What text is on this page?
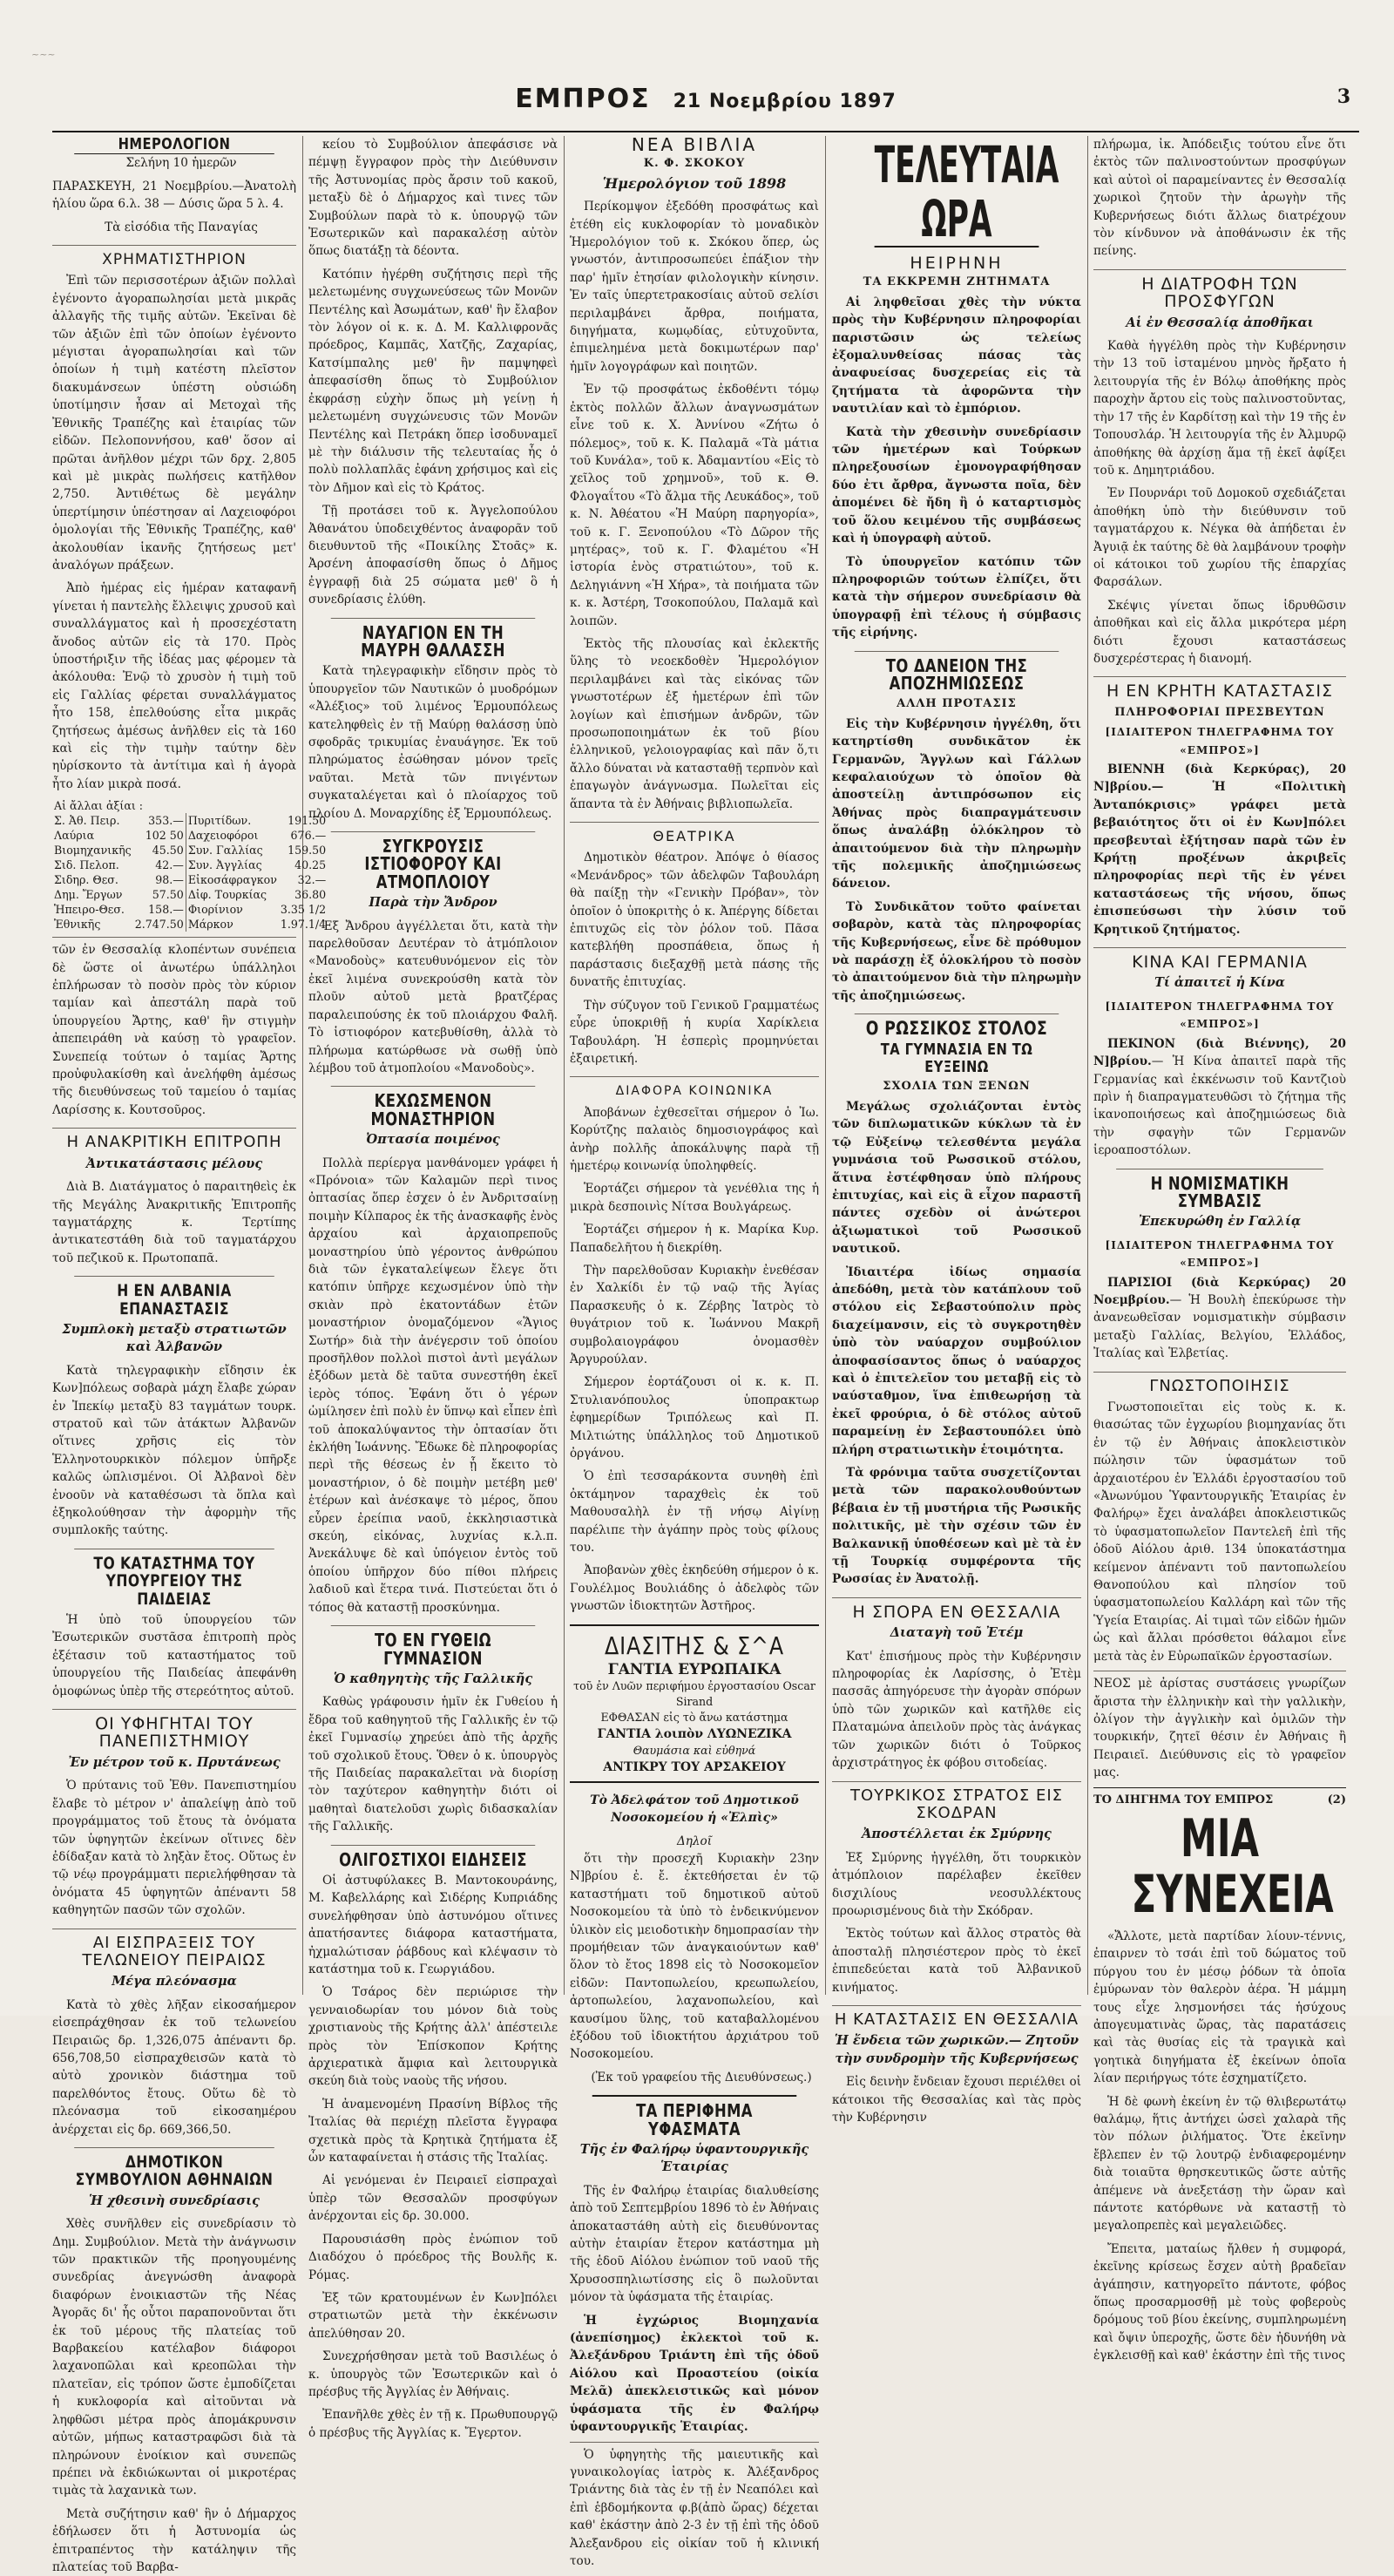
~~~
ΕΜΠΡΟΣ 21 Νοεμβρίου 1897	3
ΗΜΕΡΟΛΟΓΙΟΝ

Σελήνη 10 ἡμερῶν

ΠΑΡΑΣΚΕΥΗ, 21 Νοεμβρίου.—Ἀνατολὴ ἡλίου ὥρα 6.λ. 38 — Δύσις ὥρα 5 λ. 4.

Τὰ εἰσόδια τῆς Παναγίας

ΧΡΗΜΑΤΙΣΤΗΡΙΟΝ

Ἐπὶ τῶν περισσοτέρων ἀξιῶν πολλαὶ ἐγένοντο ἀγοραπωλησίαι μετὰ μικρᾶς ἀλλαγῆς τῆς τιμῆς αὐτῶν. Ἐκεῖναι δὲ τῶν ἀξιῶν ἐπὶ τῶν ὁποίων ἐγένοντο μέγισται ἀγοραπωλησίαι καὶ τῶν ὁποίων ἡ τιμὴ κατέστη πλεῖστον διακυμάνσεων ὑπέστη οὐσιώδη ὑποτίμησιν ἦσαν αἱ Μετοχαὶ τῆς Ἐθνικῆς Τραπέζης καὶ ἑταιρίας τῶν εἰδῶν. Πελοποννήσου, καθ' ὅσον αἱ πρῶται ἀνῆλθον μέχρι τῶν δρχ. 2,805 καὶ μὲ μικρὰς πωλήσεις κατῆλθον 2,750. Ἀντιθέτως δὲ μεγάλην ὑπερτίμησιν ὑπέστησαν αἱ Λαχειοφόροι ὁμολογίαι τῆς Ἐθνικῆς Τραπέζης, καθ' ἀκολουθίαν ἱκανῆς ζητήσεως μετ' ἀναλόγων πράξεων.

Ἀπὸ ἡμέρας εἰς ἡμέραν καταφανῆ γίνεται ἡ παντελὴς ἔλλειψις χρυσοῦ καὶ συναλλάγματος καὶ ἡ προσεχέστατη ἄνοδος αὐτῶν εἰς τὰ 170. Πρὸς ὑποστήριξιν τῆς ἰδέας μας φέρομεν τὰ ἀκόλουθα: Ἐνῷ τὸ χρυσὸν ἡ τιμὴ τοῦ εἰς Γαλλίας φέρεται συναλλάγματος ἦτο 158, ἐπελθούσης εἶτα μικρᾶς ζητήσεως ἀμέσως ἀνῆλθεν εἰς τὰ 160 καὶ εἰς τὴν τιμὴν ταύτην δὲν ηὑρίσκοντο τὰ ἀντίτιμα καὶ ἡ ἀγορὰ ἦτο λίαν μικρὰ ποσά.

Αἱ ἄλλαι ἀξίαι :			
Σ. Ἀθ. Πειρ.	353.—	Πυριτίδων.	191.50
Λαύρια	102 50	Δαχειοφόροι	676.—
Βιομηχανικῆς	45.50	Συν. Γαλλίας	159.50
Σιδ. Πελοπ.	42.—	Συν. Ἀγγλίας	40.25
Σιδηρ. Θεσ.	98.—	Εἰκοσάφραγκον	32.—
Δημ. Ἔργων	57.50	Δἰφ. Τουρκίας	36.80
Ἡπειρο-Θεσ.	158.—	Φιορίνιον	3.35 1/2
Ἐθνικῆς	2.747.50	Μάρκον	1.97.1/4

τῶν ἐν Θεσσαλίᾳ κλοπέντων συνέπεια δὲ ὥστε οἱ ἀνωτέρω ὑπάλληλοι ἐπλήρωσαν τὸ ποσὸν πρὸς τὸν κύριον ταμίαν καὶ ἀπεστάλη παρὰ τοῦ ὑπουργείου Ἄρτης, καθ' ἣν στιγμὴν ἀπεπειράθη νὰ καύσῃ τὸ γραφεῖον. Συνεπείᾳ τούτων ὁ ταμίας Ἄρτης προὐφυλακίσθη καὶ ἀνελήφθη ἀμέσως τῆς διευθύνσεως τοῦ ταμείου ὁ ταμίας Λαρίσσης κ. Κουτσοῦρος.

Η ΑΝΑΚΡΙΤΙΚΗ ΕΠΙΤΡΟΠΗ
Ἀντικατάστασις μέλους

Διὰ Β. Διατάγματος ὁ παραιτηθεὶς ἐκ τῆς Μεγάλης Ἀνακριτικῆς Ἐπιτροπῆς ταγματάρχης κ. Τερτίπης ἀντικατεστάθη διὰ τοῦ ταγματάρχου τοῦ πεζικοῦ κ. Πρωτοπαπᾶ.

Η ΕΝ ΑΛΒΑΝΙΑ ΕΠΑΝΑΣΤΑΣΙΣ
Συμπλοκὴ μεταξὺ στρατιωτῶν καὶ Ἀλβανῶν

Κατὰ τηλεγραφικὴν εἴδησιν ἐκ Κων]πόλεως σοβαρὰ μάχη ἔλαβε χώραν ἐν Ἰπεκίῳ μεταξὺ 83 ταγμάτων τουρκ. στρατοῦ καὶ τῶν ἀτάκτων Ἀλβανῶν οἵτινες χρῆσις εἰς τὸν Ἑλληνοτουρκικὸν πόλεμον ὑπῆρξε καλῶς ὡπλισμένοι. Οἱ Ἀλβανοὶ δὲν ἐνοοῦν νὰ καταθέσωσι τὰ ὅπλα καὶ ἐξηκολούθησαν τὴν ἀφορμὴν τῆς συμπλοκῆς ταύτης.

ΤΟ ΚΑΤΑΣΤΗΜΑ ΤΟΥ ΥΠΟΥΡΓΕΙΟΥ ΤΗΣ ΠΑΙΔΕΙΑΣ

Ἡ ὑπὸ τοῦ ὑπουργείου τῶν Ἐσωτερικῶν συστᾶσα ἐπιτροπὴ πρὸς ἐξέτασιν τοῦ καταστήματος τοῦ ὑπουργείου τῆς Παιδείας ἀπεφάνθη ὁμοφώνως ὑπὲρ τῆς στερεότητος αὐτοῦ.

ΟΙ ΥΦΗΓΗΤΑΙ ΤΟΥ ΠΑΝΕΠΙΣΤΗΜΙΟΥ
Ἐν μέτρον τοῦ κ. Πρυτάνεως

Ὁ πρύτανις τοῦ Ἐθν. Πανεπιστημίου ἔλαβε τὸ μέτρον ν' ἀπαλείψῃ ἀπὸ τοῦ προγράμματος τοῦ ἔτους τὰ ὀνόματα τῶν ὑφηγητῶν ἐκείνων οἵτινες δὲν ἐδίδαξαν κατὰ τὸ ληξὰν ἔτος. Οὕτως ἐν τῷ νέῳ προγράμματι περιελήφθησαν τὰ ὀνόματα 45 ὑφηγητῶν ἀπέναντι 58 καθηγητῶν πασῶν τῶν σχολῶν.

ΑΙ ΕΙΣΠΡΑΞΕΙΣ ΤΟΥ ΤΕΛΩΝΕΙΟΥ ΠΕΙΡΑΙΩΣ
Μέγα πλεόνασμα

Κατὰ τὸ χθὲς λῆξαν εἰκοσαήμερον εἰσεπράχθησαν ἐκ τοῦ τελωνείου Πειραιῶς δρ. 1,326,075 ἀπέναντι δρ. 656,708,50 εἰσπραχθεισῶν κατὰ τὸ αὐτὸ χρονικὸν διάστημα τοῦ παρελθόντος ἔτους. Οὕτω δὲ τὸ πλεόνασμα τοῦ εἰκοσαημέρου ἀνέρχεται εἰς δρ. 669,366,50.

ΔΗΜΟΤΙΚΟΝ ΣΥΜΒΟΥΛΙΟΝ ΑΘΗΝΑΙΩΝ
Ἡ χθεσινὴ συνεδρίασις

Χθὲς συνῆλθεν εἰς συνεδρίασιν τὸ Δημ. Συμβούλιον. Μετὰ τὴν ἀνάγνωσιν τῶν πρακτικῶν τῆς προηγουμένης συνεδρίας ἀνεγνώσθη ἀναφορὰ διαφόρων ἐνοικιαστῶν τῆς Νέας Ἀγορᾶς δι' ἧς οὗτοι παραπονοῦνται ὅτι ἐκ τοῦ μέρους τῆς πλατείας τοῦ Βαρβακείου κατέλαβον διάφοροι λαχανοπῶλαι καὶ κρεοπῶλαι τὴν πλατεῖαν, εἰς τρόπον ὥστε ἐμποδίζεται ἡ κυκλοφορία καὶ αἰτοῦνται νὰ ληφθῶσι μέτρα πρὸς ἀπομάκρυνσιν αὐτῶν, μήπως καταστραφῶσι διὰ τὰ πληρώνουν ἐνοίκιον καὶ συνεπῶς πρέπει νὰ ἐκδιώκωνται οἱ μικροτέρας τιμὰς τὰ λαχανικὰ των.

Μετὰ συζήτησιν καθ' ἣν ὁ Δήμαρχος ἐδήλωσεν ὅτι ἡ Ἀστυνομία ὡς ἐπιτραπέντος τὴν κατάληψιν τῆς πλατείας τοῦ Βαρβα-

κείου τὸ Συμβούλιον ἀπεφάσισε νὰ πέμψῃ ἔγγραφον πρὸς τὴν Διεύθυνσιν τῆς Ἀστυνομίας πρὸς ἄρσιν τοῦ κακοῦ, μεταξὺ δὲ ὁ Δήμαρχος καὶ τινες τῶν Συμβούλων παρὰ τὸ κ. ὑπουργῷ τῶν Ἐσωτερικῶν καὶ παρακαλέσῃ αὐτὸν ὅπως διατάξῃ τὰ δέοντα.

Κατόπιν ἠγέρθη συζήτησις περὶ τῆς μελετωμένης συγχωνεύσεως τῶν Μονῶν Πεντέλης καὶ Ἀσωμάτων, καθ' ἣν ἔλαβον τὸν λόγον οἱ κ. κ. Δ. Μ. Καλλιφρονᾶς πρόεδρος, Καμπᾶς, Χατζῆς, Ζαχαρίας, Κατσίμπαλης μεθ' ἣν παμψηφεὶ ἀπεφασίσθη ὅπως τὸ Συμβούλιον ἐκφράσῃ εὐχὴν ὅπως μὴ γείνῃ ἡ μελετωμένη συγχώνευσις τῶν Μονῶν Πεντέλης καὶ Πετράκη ὅπερ ἰσοδυναμεῖ μὲ τὴν διάλυσιν τῆς τελευταίας ἧς ὁ πολὺ πολλαπλᾶς ἐφάνη χρήσιμος καὶ εἰς τὸν Δῆμον καὶ εἰς τὸ Κράτος.

Τῇ προτάσει τοῦ κ. Ἀγγελοπούλου Ἀθανάτου ὑποδειχθέντος ἀναφορᾶν τοῦ διευθυντοῦ τῆς «Ποικίλης Στοᾶς» κ. Ἀρσένη ἀποφασίσθη ὅπως ὁ Δῆμος ἐγγραφῇ διὰ 25 σώματα μεθ' ὃ ἡ συνεδρίασις ἐλύθη.

ΝΑΥΑΓΙΟΝ ΕΝ ΤΗ ΜΑΥΡΗ ΘΑΛΑΣΣΗ

Κατὰ τηλεγραφικὴν εἴδησιν πρὸς τὸ ὑπουργεῖον τῶν Ναυτικῶν ὁ μυοδρόμων «Ἀλέξιος» τοῦ λιμένος Ἑρμουπόλεως κατεληφθεὶς ἐν τῇ Μαύρῃ θαλάσσῃ ὑπὸ σφοδρᾶς τρικυμίας ἐναυάγησε. Ἐκ τοῦ πληρώματος ἐσώθησαν μόνον τρεῖς ναῦται. Μετὰ τῶν πνιγέντων συγκαταλέγεται καὶ ὁ πλοίαρχος τοῦ πλοίου Δ. Μοναρχίδης ἐξ Ἑρμουπόλεως.

ΣΥΓΚΡΟΥΣΙΣ ΙΣΤΙΟΦΟΡΟΥ ΚΑΙ ΑΤΜΟΠΛΟΙΟΥ
Παρὰ τὴν Ἄνδρον

Ἐξ Ἄνδρου ἀγγέλλεται ὅτι, κατὰ τὴν παρελθοῦσαν Δευτέραν τὸ ἀτμόπλοιον «Μανοδοὺς» κατευθυνόμενον εἰς τὸν ἐκεῖ λιμένα συνεκρούσθη κατὰ τὸν πλοῦν αὐτοῦ μετὰ βρατζέρας παραλειπούσης ἐκ τοῦ πλοιάρχου Φαλῆ. Τὸ ἱστιοφόρον κατεβυθίσθη, ἀλλὰ τὸ πλήρωμα κατώρθωσε νὰ σωθῇ ὑπὸ λέμβου τοῦ ἀτμοπλοίου «Μανοδοὺς».

ΚΕΧΩΣΜΕΝΟΝ ΜΟΝΑΣΤΗΡΙΟΝ
Ὀπτασία ποιμένος

Πολλὰ περίεργα μανθάνομεν γράφει ἡ «Πρόνοια» τῶν Καλαμῶν περὶ τινος ὀπτασίας ὅπερ ἐσχεν ὁ ἐν Ἀνδριτσαίνῃ ποιμὴν Κίλπαρος ἐκ τῆς ἀνασκαφῆς ἐνὸς ἀρχαίου καὶ ἀρχαιοπρεποῦς μοναστηρίου ὑπὸ γέροντος ἀνθρώπου διὰ τῶν ἐγκαταλείψεων ἔλεγε ὅτι κατόπιν ὑπῆρχε κεχωσμένον ὑπὸ τὴν σκιὰν πρὸ ἑκατοντάδων ἐτῶν μοναστήριον ὀνομαζόμενον «Ἅγιος Σωτήρ» διὰ τὴν ἀνέγερσιν τοῦ ὁποίου προσῆλθον πολλοὶ πιστοὶ ἀντὶ μεγάλων ἐξόδων μετὰ δὲ ταῦτα συνεστήθη ἐκεῖ ἰερὸς τόπος. Ἐφάνη ὅτι ὁ γέρων ὡμίλησεν ἐπὶ πολὺ ἐν ὕπνῳ καὶ εἶπεν ἐπὶ τοῦ ἀποκαλύψαντος τὴν ὀπτασίαν ὅτι ἐκλήθη Ἰωάννης. Ἔδωκε δὲ πληροφορίας περὶ τῆς θέσεως ἐν ᾗ ἔκειτο τὸ μοναστήριον, ὁ δὲ ποιμὴν μετέβη μεθ' ἑτέρων καὶ ἀνέσκαψε τὸ μέρος, ὅπου εὗρεν ἐρείπια ναοῦ, ἐκκλησιαστικὰ σκεύη, εἰκόνας, λυχνίας κ.λ.π. Ἀνεκάλυψε δὲ καὶ ὑπόγειον ἐντὸς τοῦ ὁποίου ὑπῆρχον δύο πίθοι πλήρεις λαδιοῦ καὶ ἕτερα τινά. Πιστεύεται ὅτι ὁ τόπος θὰ καταστῇ προσκύνημα.

ΤΟ ΕΝ ΓΥΘΕΙΩ ΓΥΜΝΑΣΙΟΝ
Ὁ καθηγητὴς τῆς Γαλλικῆς

Καθὼς γράφουσιν ἡμῖν ἐκ Γυθείου ἡ ἔδρα τοῦ καθηγητοῦ τῆς Γαλλικῆς ἐν τῷ ἐκεῖ Γυμνασίῳ χηρεύει ἀπὸ τῆς ἀρχῆς τοῦ σχολικοῦ ἔτους. Ὅθεν ὁ κ. ὑπουργὸς τῆς Παιδείας παρακαλεῖται νὰ διορίσῃ τὸν ταχύτερον καθηγητὴν διότι οἱ μαθηταὶ διατελοῦσι χωρὶς διδασκαλίαν τῆς Γαλλικῆς.

ΟΛΙΓΟΣΤΙΧΟΙ ΕΙΔΗΣΕΙΣ

Οἱ ἀστυφύλακες Β. Μαντοκουράνης, Μ. Καβελλάρης καὶ Σιδέρης Κυπριάδης συνελήφθησαν ὑπὸ ἀστυνόμου οἵτινες ἀπατήσαντες διάφορα καταστήματα, ἠχμαλώτισαν ῥάβδους καὶ κλέψασιν τὸ κατάστημα τοῦ κ. Γεωργιάδου.

Ὁ Τσάρος δὲν περιώρισε τὴν γενναιοδωρίαν του μόνον διὰ τοὺς χριστιανοὺς τῆς Κρήτης ἀλλ' ἀπέστειλε πρὸς τὸν Ἐπίσκοπον Κρήτης ἀρχιερατικὰ ἄμφια καὶ λειτουργικὰ σκεύη διὰ τοὺς ναοὺς τῆς νήσου.

Ἡ ἀναμενομένη Πρασίνη Βίβλος τῆς Ἰταλίας θὰ περιέχῃ πλεῖστα ἔγγραφα σχετικὰ πρὸς τὰ Κρητικὰ ζητήματα ἐξ ὧν καταφαίνεται ἡ στάσις τῆς Ἰταλίας.

Αἱ γενόμεναι ἐν Πειραιεῖ εἰσπραχαὶ ὑπὲρ τῶν Θεσσαλῶν προσφύγων ἀνέρχονται εἰς δρ. 30.000.

Παρουσιάσθη πρὸς ἐνώπιον τοῦ Διαδόχου ὁ πρόεδρος τῆς Βουλῆς κ. Ρόμας.

Ἐξ τῶν κρατουμένων ἐν Κων]πόλει στρατιωτῶν μετὰ τὴν ἐκκένωσιν ἀπελύθησαν 20.

Συνεχρήσθησαν μετὰ τοῦ Βασιλέως ὁ κ. ὑπουργὸς τῶν Ἐσωτερικῶν καὶ ὁ πρέσβυς τῆς Ἀγγλίας ἐν Ἀθήναις.

Ἐπανῆλθε χθὲς ἐν τῇ κ. Πρωθυπουργῷ ὁ πρέσβυς τῆς Ἀγγλίας κ. Ἔγερτον.

ΝΕΑ ΒΙΒΛΙΑ
Κ. Φ. ΣΚΟΚΟΥ
Ἡμερολόγιον τοῦ 1898

Περίκομψον ἐξεδόθη προσφάτως καὶ ἐτέθη εἰς κυκλοφορίαν τὸ μοναδικὸν Ἡμερολόγιον τοῦ κ. Σκόκου ὅπερ, ὡς γνωστόν, ἀντιπροσωπεύει ἐπάξιον τὴν παρ' ἡμῖν ἐτησίαν φιλολογικὴν κίνησιν. Ἐν ταῖς ὑπερτετρακοσίαις αὐτοῦ σελίσι περιλαμβάνει ἄρθρα, ποιήματα, διηγήματα, κωμῳδίας, εὐτυχοῦντα, ἐπιμελημένα μετὰ δοκιμωτέρων παρ' ἡμῖν λογογράφων καὶ ποιητῶν.

Ἐν τῷ προσφάτως ἐκδοθέντι τόμῳ ἐκτὸς πολλῶν ἄλλων ἀναγνωσμάτων εἶνε τοῦ κ. Χ. Ἀννίνου «Ζήτω ὁ πόλεμος», τοῦ κ. Κ. Παλαμᾶ «Τὰ μάτια τοῦ Κυνάλα», τοῦ κ. Ἀδαμαντίου «Εἰς τὸ χεῖλος τοῦ χρημνοῦ», τοῦ κ. Θ. Φλογαΐτου «Τὸ ἄλμα τῆς Λευκάδος», τοῦ κ. Ν. Ἀθέατου «Ἡ Μαύρη παρηγορία», τοῦ κ. Γ. Ξενοπούλου «Τὸ Δῶρον τῆς μητέρας», τοῦ κ. Γ. Φλαμέτου «Ἡ ἱστορία ἑνὸς στρατιώτου», τοῦ κ. Δεληγιάννη «Ἡ Χήρα», τὰ ποιήματα τῶν κ. κ. Ἀστέρη, Τσοκοπούλου, Παλαμᾶ καὶ λοιπῶν.

Ἐκτὸς τῆς πλουσίας καὶ ἐκλεκτῆς ὕλης τὸ νεοεκδοθὲν Ἡμερολόγιον περιλαμβάνει καὶ τὰς εἰκόνας τῶν γνωστοτέρων ἐξ ἡμετέρων ἐπὶ τῶν λογίων καὶ ἐπισήμων ἀνδρῶν, τῶν προσωποποιημάτων ἐκ τοῦ βίου ἑλληνικοῦ, γελοιογραφίας καὶ πᾶν ὅ,τι ἄλλο δύναται νὰ κατασταθῇ τερπνὸν καὶ ἐπαγωγὸν ἀνάγνωσμα. Πωλεῖται εἰς ἅπαντα τὰ ἐν Ἀθήναις βιβλιοπωλεῖα.

ΘΕΑΤΡΙΚΑ

Δημοτικὸν θέατρον. Ἀπόψε ὁ θίασος «Μενάνδρος» τῶν ἀδελφῶν Ταβουλάρη θὰ παίξῃ τὴν «Γενικὴν Πρόβαν», τὸν ὁποῖον ὁ ὑποκριτὴς ὁ κ. Ἀπέργης δίδεται ἐπιτυχῶς εἰς τὸν ῥόλον τοῦ. Πᾶσα κατεβλήθη προσπάθεια, ὅπως ἡ παράστασις διεξαχθῇ μετὰ πάσης τῆς δυνατῆς ἐπιτυχίας.

Τὴν σύζυγον τοῦ Γενικοῦ Γραμματέως εὗρε ὑποκριθῇ ἡ κυρία Χαρίκλεια Ταβουλάρη. Ἡ ἑσπερὶς προμηνύεται ἐξαιρετική.

ΔΙΑΦΟΡΑ ΚΟΙΝΩΝΙΚΑ

Ἀποβάνων ἐχθεσεῖται σήμερον ὁ Ἰω. Κορύτζης παλαιὸς δημοσιογράφος καὶ ἀνὴρ πολλῆς ἀποκάλυψης παρὰ τῇ ἡμετέρῳ κοινωνίᾳ ὑποληφθείς.

Ἑορτάζει σήμερον τὰ γενέθλια της ἡ μικρὰ δεσποινὶς Νίτσα Βουλγάρεως.

Ἑορτάζει σήμερον ἡ κ. Μαρίκα Κυρ. Παπαδελῆτου ἡ διεκρίθη.

Τὴν παρελθοῦσαν Κυριακὴν ἐνεθέσαν ἐν Χαλκίδι ἐν τῷ ναῷ τῆς Ἁγίας Παρασκευῆς ὁ κ. Ζέρβης Ἰατρὸς τὸ θυγάτριον τοῦ κ. Ἰωάννου Μακρῆ συμβολαιογράφου ὀνομασθὲν Ἀργυρούλαν.

Σήμερον ἑορτάζουσι οἱ κ. κ. Π. Στυλιανόπουλος ὑποπρακτωρ ἐφημερίδων Τριπόλεως καὶ Π. Μιλτιώτης ὑπάλληλος τοῦ Δημοτικοῦ ὀργάνου.

Ὁ ἐπὶ τεσσαράκοντα συνηθὴ ἐπὶ ὀκτάμηνον ταραχθεὶς ἐκ τοῦ Μαθουσαλὴλ ἐν τῇ νήσῳ Αἰγίνῃ παρέλιπε τὴν ἀγάπην πρὸς τοὺς φίλους του.

Ἀποβανὼν χθὲς ἐκηδεύθη σήμερον ὁ κ. Γουλέλμος Βουλιάδης ὁ ἀδελφὸς τῶν γνωστῶν ἰδιοκτητῶν Ἀστῆρος.

ΔΙΑΣΙΤΗΣ & Σ^Α
ΓΑΝΤΙΑ ΕΥΡΩΠΑΙΚΑ
τοῦ ἐν Λυῶν περιφήμου ἐργοστασίου Oscar Sirand
ΕΦΘΑΣΑΝ εἰς τὸ ἄνω κατάστημα
ΓΑΝΤΙΑ λοιπὸν ΛΥΩΝΕΖΙΚΑ
Θαυμάσια καὶ εὐθηνά
ΑΝΤΙΚΡΥ ΤΟΥ ΑΡΣΑΚΕΙΟΥ
Τὸ Ἀδελφάτον τοῦ Δημοτικοῦ Νοσοκομείου ἡ «Ἐλπὶς»
Δηλοῖ

ὅτι τὴν προσεχῆ Κυριακὴν 23ην Ν]βρίου ἐ. ἔ. ἐκτεθήσεται ἐν τῷ καταστήματι τοῦ δημοτικοῦ αὐτοῦ Νοσοκομείου τὰ ὑπὸ τὸ ἐνδεικνύμενον ὑλικὸν εἰς μειοδοτικὴν δημοπρασίαν τὴν προμήθειαν τῶν ἀναγκαιούντων καθ' ὅλον τὸ ἔτος 1898 εἰς τὸ Νοσοκομεῖον εἰδῶν: Παντοπωλείου, κρεωπωλείου, ἀρτοπωλείου, λαχανοπωλείου, καὶ καυσίμου ὕλης, τοῦ καταβαλλομένου ἐξόδου τοῦ ἰδιοκτήτου ἀρχιάτρου τοῦ Νοσοκομείου.

(Ἐκ τοῦ γραφείου τῆς Διευθύνσεως.)

ΤΑ ΠΕΡΙΦΗΜΑ ΥΦΑΣΜΑΤΑ
Τῆς ἐν Φαλήρῳ ὑφαντουργικῆς Ἑταιρίας

Τῆς ἐν Φαλήρῳ ἑταιρίας διαλυθείσης ἀπὸ τοῦ Σεπτεμβρίου 1896 τὸ ἐν Ἀθήναις ἀποκαταστάθη αὐτὴ εἰς διευθύνοντας αὐτὴν ἑταιρίαν ἔτερον κατάστημα μὴ τῆς ἑδοῦ Αἰόλου ἐνώπιον τοῦ ναοῦ τῆς Χρυσοσπηλιωτίσσης εἰς ὃ πωλοῦνται μόνον τὰ ὑφάσματα τῆς ἑταιρίας.

Ἡ ἐγχώριος Βιομηχανία (ἀνεπίσημος) ἐκλεκτοὶ τοῦ κ. Ἀλεξάνδρου Τριάντη ἐπὶ τῆς ὁδοῦ Αἰόλου καὶ Προαστείου (οἰκία Μελᾶ) ἀπεκλειστικῶς καὶ μόνον ὑφάσματα τῆς ἐν Φαλήρῳ ὑφαντουργικῆς Ἑταιρίας.

Ὁ ὑφηγητὴς τῆς μαιευτικῆς καὶ γυναικολογίας ἰατρὸς κ. Ἀλέξανδρος Τριάντης διὰ τὰς ἐν τῇ ἐν Νεαπόλει καὶ ἐπὶ ἑβδομήκοντα φ.β(ἀπὸ ὥρας) δέχεται καθ' ἑκάστην ἀπὸ 2-3 ἐν τῇ ἐπὶ τῆς ὁδοῦ Ἀλεξανδρου εἰς οἰκίαν τοῦ ἡ κλινική του.

ΤΕΛΕΥΤΑΙΑ ΩΡΑ
ΗΕΙΡΗΝΗ
ΤΑ ΕΚΚΡΕΜΗ ΖΗΤΗΜΑΤΑ

Αἱ ληφθεῖσαι χθὲς τὴν νύκτα πρὸς τὴν Κυβέρνησιν πληροφορίαι παριστῶσιν ὡς τελείως ἐξομαλυνθείσας πάσας τὰς ἀναφυείσας δυσχερείας εἰς τὰ ζητήματα τὰ ἀφορῶντα τὴν ναυτιλίαν καὶ τὸ ἐμπόριον.

Κατὰ τὴν χθεσινὴν συνεδρίασιν τῶν ἡμετέρων καὶ Τούρκων πληρεξουσίων ἐμονογραφήθησαν δύο ἐτι ἄρθρα, ἄγνωστα ποῖα, δὲν ἀπομένει δὲ ἤδη ἢ ὁ καταρτισμὸς τοῦ ὅλου κειμένου τῆς συμβάσεως καὶ ἡ ὑπογραφὴ αὐτοῦ.

Τὸ ὑπουργεῖον κατόπιν τῶν πληροφοριῶν τούτων ἐλπίζει, ὅτι κατὰ τὴν σήμερον συνεδρίασιν θὰ ὑπογραφῇ ἐπὶ τέλους ἡ σύμβασις τῆς εἰρήνης.

ΤΟ ΔΑΝΕΙΟΝ ΤΗΣ ΑΠΟΖΗΜΙΩΣΕΩΣ
ΑΛΛΗ ΠΡΟΤΑΣΙΣ

Εἰς τὴν Κυβέρνησιν ἠγγέλθη, ὅτι κατηρτίσθη συνδικᾶτον ἐκ Γερμανῶν, Ἄγγλων καὶ Γάλλων κεφαλαιούχων τὸ ὁποῖον θὰ ἀποστείλῃ ἀντιπρόσωπον εἰς Ἀθήνας πρὸς διαπραγμάτευσιν ὅπως ἀναλάβῃ ὁλόκληρον τὸ ἀπαιτούμενον διὰ τὴν πληρωμὴν τῆς πολεμικῆς ἀποζημιώσεως δάνειον.

Τὸ Συνδικᾶτον τοῦτο φαίνεται σοβαρὸν, κατὰ τὰς πληροφορίας τῆς Κυβερνήσεως, εἶνε δὲ πρόθυμον νὰ παράσχῃ ἐξ ὁλοκλήρου τὸ ποσὸν τὸ ἀπαιτούμενον διὰ τὴν πληρωμὴν τῆς ἀποζημιώσεως.

Ο ΡΩΣΣΙΚΟΣ ΣΤΟΛΟΣ
ΤΑ ΓΥΜΝΑΣΙΑ ΕΝ ΤΩ ΕΥΞΕΙΝΩ
ΣΧΟΛΙΑ ΤΩΝ ΞΕΝΩΝ

Μεγάλως σχολιάζονται ἐντὸς τῶν διπλωματικῶν κύκλων τὰ ἐν τῷ Εὐξείνῳ τελεσθέντα μεγάλα γυμνάσια τοῦ Ρωσσικοῦ στόλου, ἅτινα ἐστέφθησαν ὑπὸ πλήρους ἐπιτυχίας, καὶ εἰς ἃ εἶχον παραστῆ πάντες σχεδὸν οἱ ἀνώτεροι ἀξιωματικοὶ τοῦ Ρωσσικοῦ ναυτικοῦ.

Ἰδιαιτέρα ἰδίως σημασία ἀπεδόθη, μετὰ τὸν κατάπλουν τοῦ στόλου εἰς Σεβαστούπολιν πρὸς διαχείμανσιν, εἰς τὸ συγκροτηθὲν ὑπὸ τὸν ναύαρχον συμβούλιον ἀποφασίσαντος ὅπως ὁ ναύαρχος καὶ ὁ ἐπιτελεῖον του μεταβῇ εἰς τὸ ναύσταθμον, ἵνα ἐπιθεωρήσῃ τὰ ἐκεῖ φρούρια, ὁ δὲ στόλος αὐτοῦ παραμείνῃ ἐν Σεβαστουπόλει ὑπὸ πλήρη στρατιωτικὴν ἑτοιμότητα.

Τὰ φρόνιμα ταῦτα συσχετίζονται μετὰ τῶν παρακολουθούντων βέβαια ἐν τῇ μυστήρια τῆς Ρωσικῆς πολιτικῆς, μὲ τὴν σχέσιν τῶν ἐν Βαλκανικῇ ὑποθέσεων καὶ μὲ τὰ ἐν τῇ Τουρκίᾳ συμφέροντα τῆς Ρωσσίας ἐν Ἀνατολῇ.

Η ΣΠΟΡΑ ΕΝ ΘΕΣΣΑΛΙΑ
Διαταγὴ τοῦ Ἐτέμ

Κατ' ἐπισήμους πρὸς τὴν Κυβέρνησιν πληροφορίας ἐκ Λαρίσσης, ὁ Ἐτὲμ πασσᾶς ἀπηγόρευσε τὴν ἀγορὰν σπόρων ὑπὸ τῶν χωρικῶν καὶ κατῆλθε εἰς Πλαταμώνα ἀπειλοῦν πρὸς τὰς ἀνάγκας τῶν χωρικῶν διότι ὁ Τοῦρκος ἀρχιστράτηγος ἐκ φόβου σιτοδείας.

ΤΟΥΡΚΙΚΟΣ ΣΤΡΑΤΟΣ ΕΙΣ ΣΚΟΔΡΑΝ
Ἀποστέλλεται ἐκ Σμύρνης

Ἐξ Σμύρνης ἠγγέλθη, ὅτι τουρκικὸν ἀτμόπλοιον παρέλαβεν ἐκεῖθεν δισχιλίους νεοσυλλέκτους προωρισμένους διὰ τὴν Σκόδραν.

Ἐκτὸς τούτων καὶ ἄλλος στρατὸς θὰ ἀποσταλῇ πλησιέστερον πρὸς τὸ ἐκεῖ ἐπιπεδεύεται κατὰ τοῦ Ἀλβανικοῦ κινήματος.

Η ΚΑΤΑΣΤΑΣΙΣ ΕΝ ΘΕΣΣΑΛΙΑ
Ἡ ἔνδεια τῶν χωρικῶν.— Ζητοῦν τὴν συνδρομὴν τῆς Κυβερνήσεως

Εἰς δεινὴν ἔνδειαν ἔχουσι περιέλθει οἱ κάτοικοι τῆς Θεσσαλίας καὶ τὰς πρὸς τὴν Κυβέρνησιν

πλήρωμα, ἰκ. Ἀπόδειξις τούτου εἶνε ὅτι ἐκτὸς τῶν παλινοστούντων προσφύγων καὶ αὐτοὶ οἱ παραμείναντες ἐν Θεσσαλίᾳ χωρικοὶ ζητοῦν τὴν ἀρωγὴν τῆς Κυβερνήσεως διότι ἄλλως διατρέχουν τὸν κίνδυνον νὰ ἀποθάνωσιν ἐκ τῆς πείνης.

Η ΔΙΑΤΡΟΦΗ ΤΩΝ ΠΡΟΣΦΥΓΩΝ
Αἱ ἐν Θεσσαλίᾳ ἀποθῆκαι

Καθὰ ἠγγέλθη πρὸς τὴν Κυβέρνησιν τὴν 13 τοῦ ἰσταμένου μηνὸς ἤρξατο ἡ λειτουργία τῆς ἐν Βόλῳ ἀποθήκης πρὸς παροχὴν ἄρτου εἰς τοὺς παλινοστοῦντας, τὴν 17 τῆς ἐν Καρδίτσῃ καὶ τὴν 19 τῆς ἐν Τοπουσλάρ. Ἡ λειτουργία τῆς ἐν Ἀλμυρῷ ἀποθήκης θὰ ἀρχίσῃ ἅμα τῇ ἐκεῖ ἀφίξει τοῦ κ. Δημητριάδου.

Ἐν Πουρνάρι τοῦ Δομοκοῦ σχεδιάζεται ἀποθήκη ὑπὸ τὴν διεύθυνσιν τοῦ ταγματάρχου κ. Νέγκα θὰ ἀπήδεται ἐν Ἀγυιᾷ ἐκ ταύτης δὲ θὰ λαμβάνουν τροφὴν οἱ κάτοικοι τοῦ χωρίου τῆς ἐπαρχίας Φαρσάλων.

Σκέψις γίνεται ὅπως ἱδρυθῶσιν ἀποθῆκαι καὶ εἰς ἄλλα μικρότερα μέρη διότι ἔχουσι καταστάσεως δυσχερέστερας ἡ διανομή.

Η ΕΝ ΚΡΗΤΗ ΚΑΤΑΣΤΑΣΙΣ
ΠΛΗΡΟΦΟΡΙΑΙ ΠΡΕΣΒΕΥΤΩΝ
[ΙΔΙΑΙΤΕΡΟΝ ΤΗΛΕΓΡΑΦΗΜΑ ΤΟΥ «ΕΜΠΡΟΣ»]

ΒΙΕΝΝΗ (διὰ Κερκύρας), 20 Ν]βρίου.— Ἡ «Πολιτικὴ Ἀνταπόκρισις» γράφει μετὰ βεβαιότητος ὅτι οἱ ἐν Κων]πόλει πρεσβευταὶ ἐξήτησαν παρὰ τῶν ἐν Κρήτῃ προξένων ἀκριβεῖς πληροφορίας περὶ τῆς ἐν γένει καταστάσεως τῆς νήσου, ὅπως ἐπισπεύσωσι τὴν λύσιν τοῦ Κρητικοῦ ζητήματος.

ΚΙΝΑ ΚΑΙ ΓΕΡΜΑΝΙΑ
Τί ἀπαιτεῖ ἡ Κίνα
[ΙΔΙΑΙΤΕΡΟΝ ΤΗΛΕΓΡΑΦΗΜΑ ΤΟΥ «ΕΜΠΡΟΣ»]

ΠΕΚΙΝΟΝ (διὰ Βιέννης), 20 Ν]βρίου.— Ἡ Κίνα ἀπαιτεῖ παρὰ τῆς Γερμανίας καὶ ἐκκένωσιν τοῦ Καντζιοὺ πρὶν ἡ διαπραγματευθῶσι τὸ ζήτημα τῆς ἱκανοποιήσεως καὶ ἀποζημιώσεως διὰ τὴν σφαγὴν τῶν Γερμανῶν ἱεροαποστόλων.

Η ΝΟΜΙΣΜΑΤΙΚΗ ΣΥΜΒΑΣΙΣ
Ἐπεκυρώθη ἐν Γαλλίᾳ
[ΙΔΙΑΙΤΕΡΟΝ ΤΗΛΕΓΡΑΦΗΜΑ ΤΟΥ «ΕΜΠΡΟΣ»]

ΠΑΡΙΣΙΟΙ (διὰ Κερκύρας) 20 Νοεμβρίου.— Ἡ Βουλὴ ἐπεκύρωσε τὴν ἀνανεωθεῖσαν νομισματικὴν σύμβασιν μεταξὺ Γαλλίας, Βελγίου, Ἑλλάδος, Ἰταλίας καὶ Ἑλβετίας.

ΓΝΩΣΤΟΠΟΙΗΣΙΣ

Γνωστοποιεῖται εἰς τοὺς κ. κ. θιασώτας τῶν ἐγχωρίου βιομηχανίας ὅτι ἐν τῷ ἐν Ἀθήναις ἀποκλειστικὸν πώλησιν τῶν ὑφασμάτων τοῦ ἀρχαιοτέρου ἐν Ἑλλάδι ἐργοστασίου τοῦ «Ἀνωνύμου Ὑφαντουργικῆς Ἑταιρίας ἐν Φαλήρῳ» ἔχει ἀναλάβει ἀποκλειστικῶς τὸ ὑφασματοπωλεῖον Παντελεῆ ἐπὶ τῆς ὁδοῦ Αἰόλου ἀριθ. 134 ὑποκατάστημα κείμενον ἀπέναντι τοῦ παντοπωλείου Θανοπούλου καὶ πλησίον τοῦ ὑφασματοπωλείου Καλλάρη καὶ τῶν τῆς Ὑγεία Εταιρίας. Αἱ τιμαὶ τῶν εἰδῶν ἡμῶν ὡς καὶ ἄλλαι πρόσθετοι θάλαμοι εἶνε μετὰ τὰς ἐν Εὐρωπαϊκῶν ἐργοστασίων.

ΝΕΟΣ μὲ ἀρίστας συστάσεις γνωρίζων ἄριστα τὴν ἑλληνικὴν καὶ τὴν γαλλικὴν, ὀλίγον τὴν ἀγγλικὴν καὶ ὁμιλῶν τὴν τουρκικήν, ζητεῖ θέσιν ἐν Ἀθήναις ἢ Πειραιεῖ. Διεύθυνσις εἰς τὸ γραφεῖον μας.

ΤΟ ΔΙΗΓΗΜΑ ΤΟΥ ΕΜΠΡΟΣ	(2)
ΜΙΑ ΣΥΝΕΧΕΙΑ

«Ἄλλοτε, μετὰ παρτίδαν λίουν-τέννις, ἐπαιρνεν τὸ τσάι ἐπὶ τοῦ δώματος τοῦ πύργου του ἐν μέσῳ ῥόδων τὰ ὁποῖα ἐμύρωναν τὸν θαλερὸν ἀέρα. Ἡ μάμμη τους εἶχε λησμονήσει τάς ἡσύχους ἀπογευματινὰς ὥρας, τὰς παρατάσεις καὶ τὰς θυσίας εἰς τὰ τραγικὰ καὶ γοητικὰ διηγήματα ἐξ ἐκείνων ὁποῖα λίαν περιήργως τότε ἐσχηματίζετο.

Ἡ δὲ φωνὴ ἐκείνη ἐν τῷ θλιβερωτάτῳ θαλάμῳ, ἥτις ἀντήχει ὡσεὶ χαλαρὰ τῆς τὸν πόλων ῥιλήματος. Ὅτε ἐκεῖνην ἔβλεπεν ἐν τῷ λουτρῷ ἐνδιαφερομένην διὰ τοιαῦτα θρησκευτικῶς ὥστε αὐτῆς ἀπέμενε νὰ ἀνεξετάσῃ τὴν ὥραν καὶ πάντοτε κατόρθωνε νὰ καταστῇ τὸ μεγαλοπρεπὲς καὶ μεγαλειῶδες.

Ἔπειτα, ματαίως ἤλθεν ἡ συμφορά, ἐκεῖνης κρίσεως ἔσχεν αὐτὴ βραδεῖαν ἀγάπησιν, κατηγορεῖτο πάντοτε, φόβος ὅπως προσαρμοσθῇ μὲ τοὺς φοβεροὺς δρόμους τοῦ βίου ἐκείνης, συμπληρωμένη καὶ ὄψιν ὑπεροχῆς, ὥστε δὲν ἠδυνήθη νὰ ἐγκλεισθῇ καὶ καθ' ἑκάστην ἐπὶ τῆς τινος
